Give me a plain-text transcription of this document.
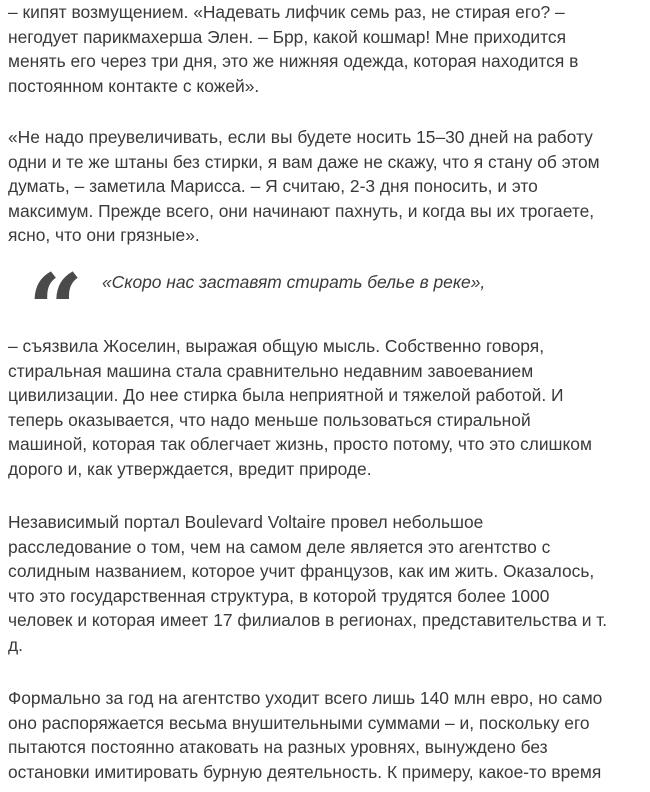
– кипят возмущением. «Надевать лифчик семь раз, не стирая его? –
негодует парикмахерша Элен. – Брр, какой кошмар! Мне приходится
менять его через три дня, это же нижняя одежда, которая находится в
постоянном контакте с кожей».

«Не надо преувеличивать, если вы будете носить 15–30 дней на работу
одни и те же штаны без стирки, я вам даже не скажу, что я стану об этом
думать, – заметила Марисса. – Я считаю, 2-3 дня поносить, и это
максимум. Прежде всего, они начинают пахнуть, и когда вы их трогаете,
ясно, что они грязные».

“	«Скоро нас заставят стирать белье в реке»,

– съязвила Жоселин, выражая общую мысль. Собственно говоря,
стиральная машина стала сравнительно недавним завоеванием
цивилизации. До нее стирка была неприятной и тяжелой работой. И
теперь оказывается, что надо меньше пользоваться стиральной
машиной, которая так облегчает жизнь, просто потому, что это слишком
дорого и, как утверждается, вредит природе.

Независимый портал Boulevard Voltaire провел небольшое
расследование о том, чем на самом деле является это агентство с
солидным названием, которое учит французов, как им жить. Оказалось,
что это государственная структура, в которой трудятся более 1000
человек и которая имеет 17 филиалов в регионах, представительства и т.
д.

Формально за год на агентство уходит всего лишь 140 млн евро, но само
оно распоряжается весьма внушительными суммами – и, поскольку его
пытаются постоянно атаковать на разных уровнях, вынуждено без
остановки имитировать бурную деятельность. К примеру, какое-то время
